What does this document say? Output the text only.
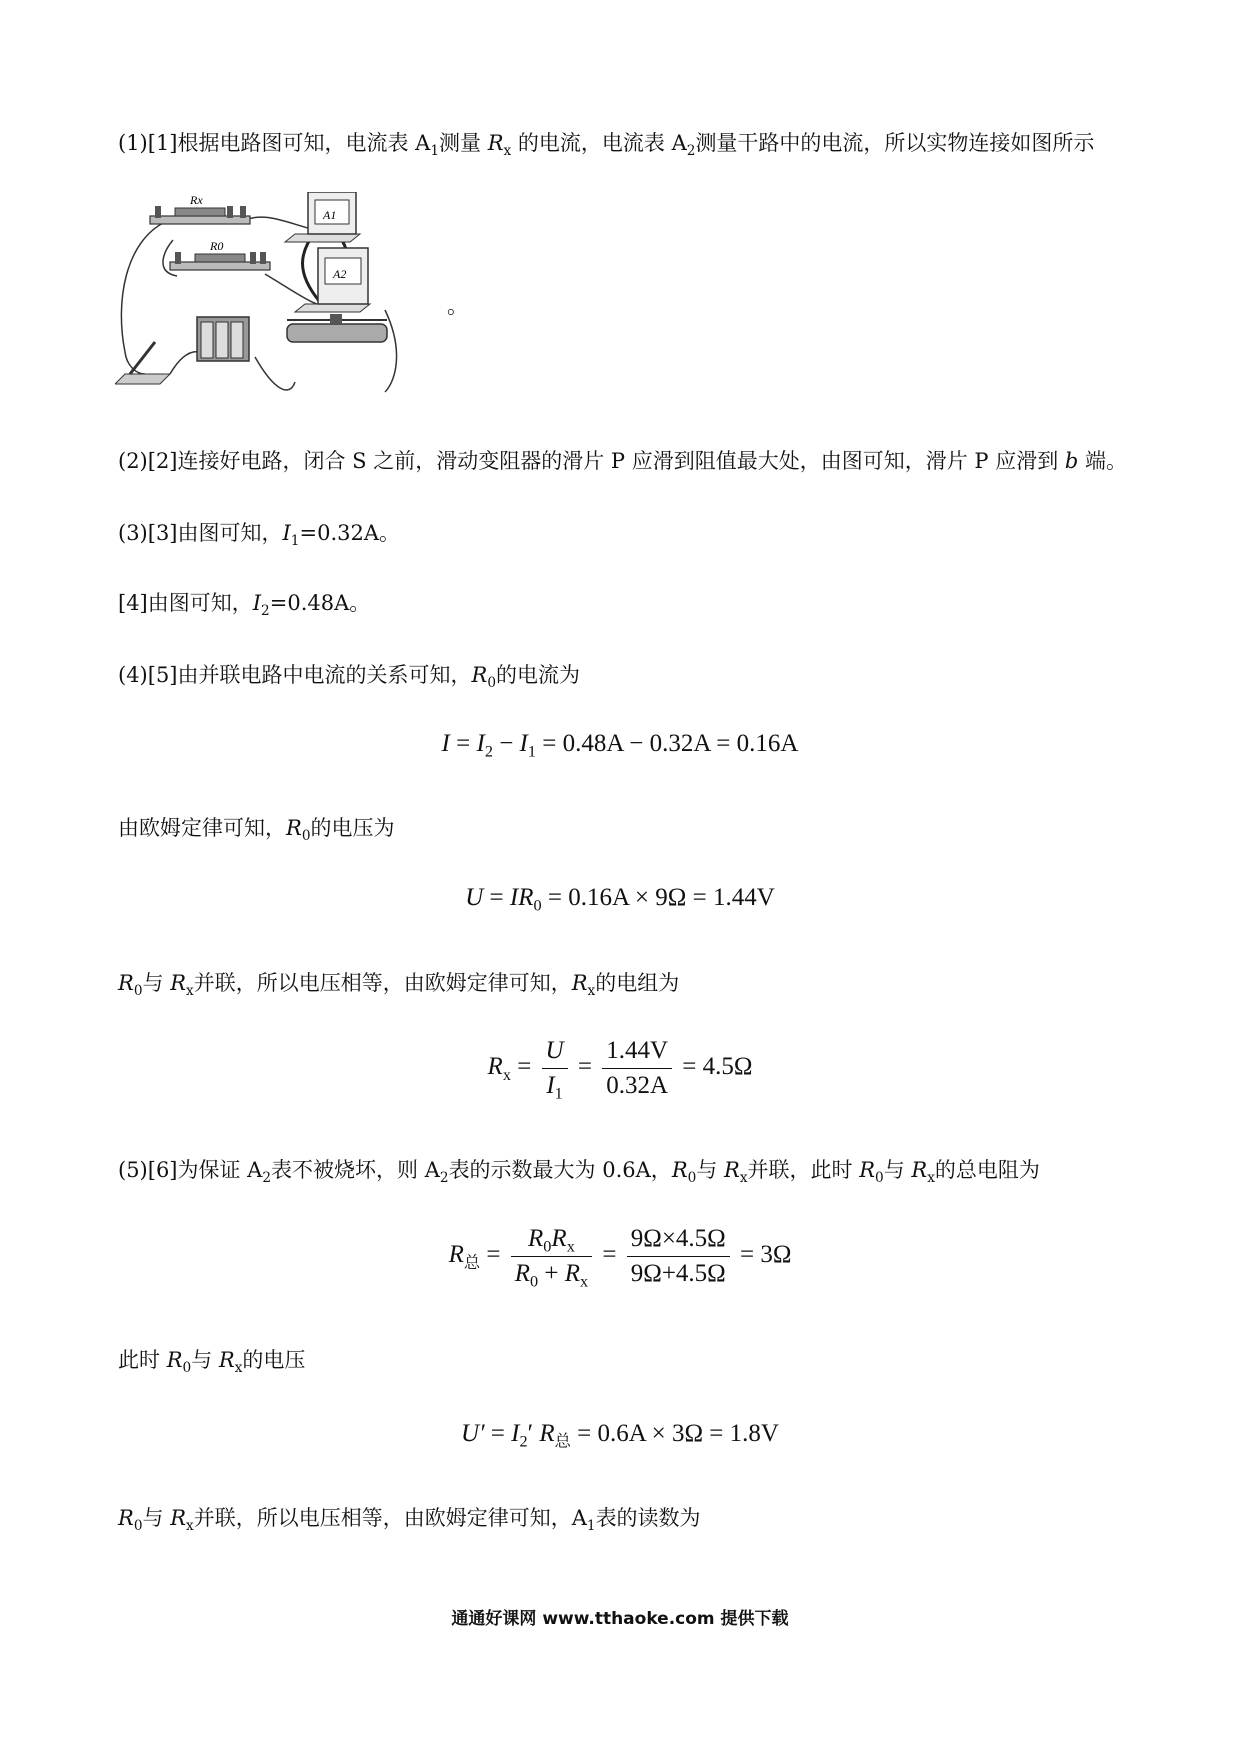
(1)[1]根据电路图可知，电流表 $A_1$测量 $R_x$ 的电流，电流表 $A_2$测量干路中的电流，所以实物连接如图所示
Rx
R0
A1
A2
。
(2)[2]连接好电路，闭合 S 之前，滑动变阻器的滑片 P 应滑到阻值最大处，由图可知，滑片 P 应滑到 b 端。
(3)[3]由图可知，$I_1=0.32A$。
[4]由图可知，$I_2=0.48A$。
(4)[5]由并联电路中电流的关系可知，$R_0$的电流为
$I = I_2 - I_1 = 0.48A - 0.32A = 0.16A$
由欧姆定律可知，$R_0$的电压为
$U = IR_0 = 0.16A \times 9\Omega = 1.44V$
$R_0$与 $R_x$并联，所以电压相等，由欧姆定律可知，$R_x$的电组为
$R_x = \frac{U}{I_1} = \frac{1.44V}{0.32A} = 4.5\Omega$
(5)[6]为保证 $A_2$表不被烧坏，则 $A_2$表的示数最大为 0.6A，$R_0$与 $R_x$并联，此时 $R_0$与 $R_x$的总电阻为
$R_总 = \frac{R_0R_x}{R_0 + R_x} = \frac{9\Omega\times 4.5\Omega}{9\Omega+4.5\Omega} = 3\Omega$
此时 $R_0$与 $R_x$的电压
$U' = I_2'$ $R_总 = 0.6A \times 3\Omega = 1.8V$
$R_0$与 $R_x$并联，所以电压相等，由欧姆定律可知，$A_1$表的读数为
通通好课网 www.tthaoke.com 提供下载
